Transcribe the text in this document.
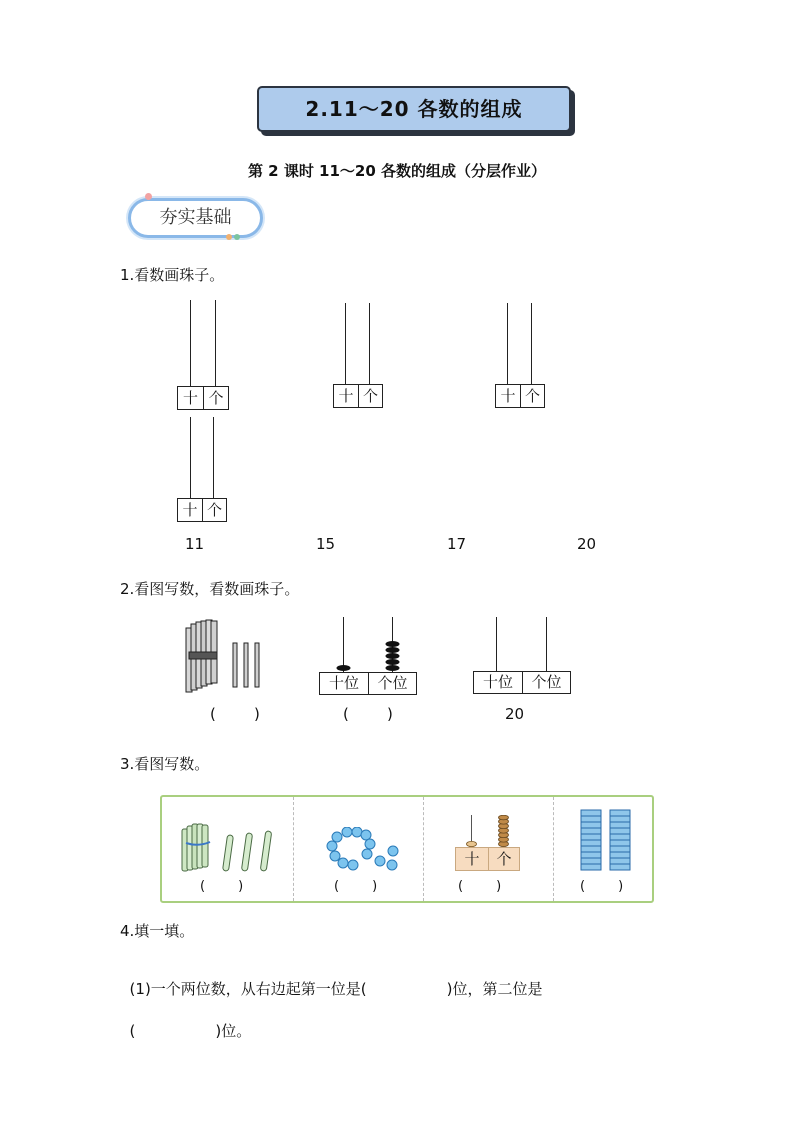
2.11～20 各数的组成
第 2 课时 11～20 各数的组成（分层作业）
夯实基础
1.看数画珠子。
十 个
十 个
十 个	十 个
11	15	17	20
2.看图写数，看数画珠子。
(        )
十位	个位
(        )
十位	个位
20
3.看图写数。
(        )	(        )
十	个
(        )	(        )
4.填一填。

(1)一个两位数，从右边起第一位是(	)位，第二位是

(	)位。
